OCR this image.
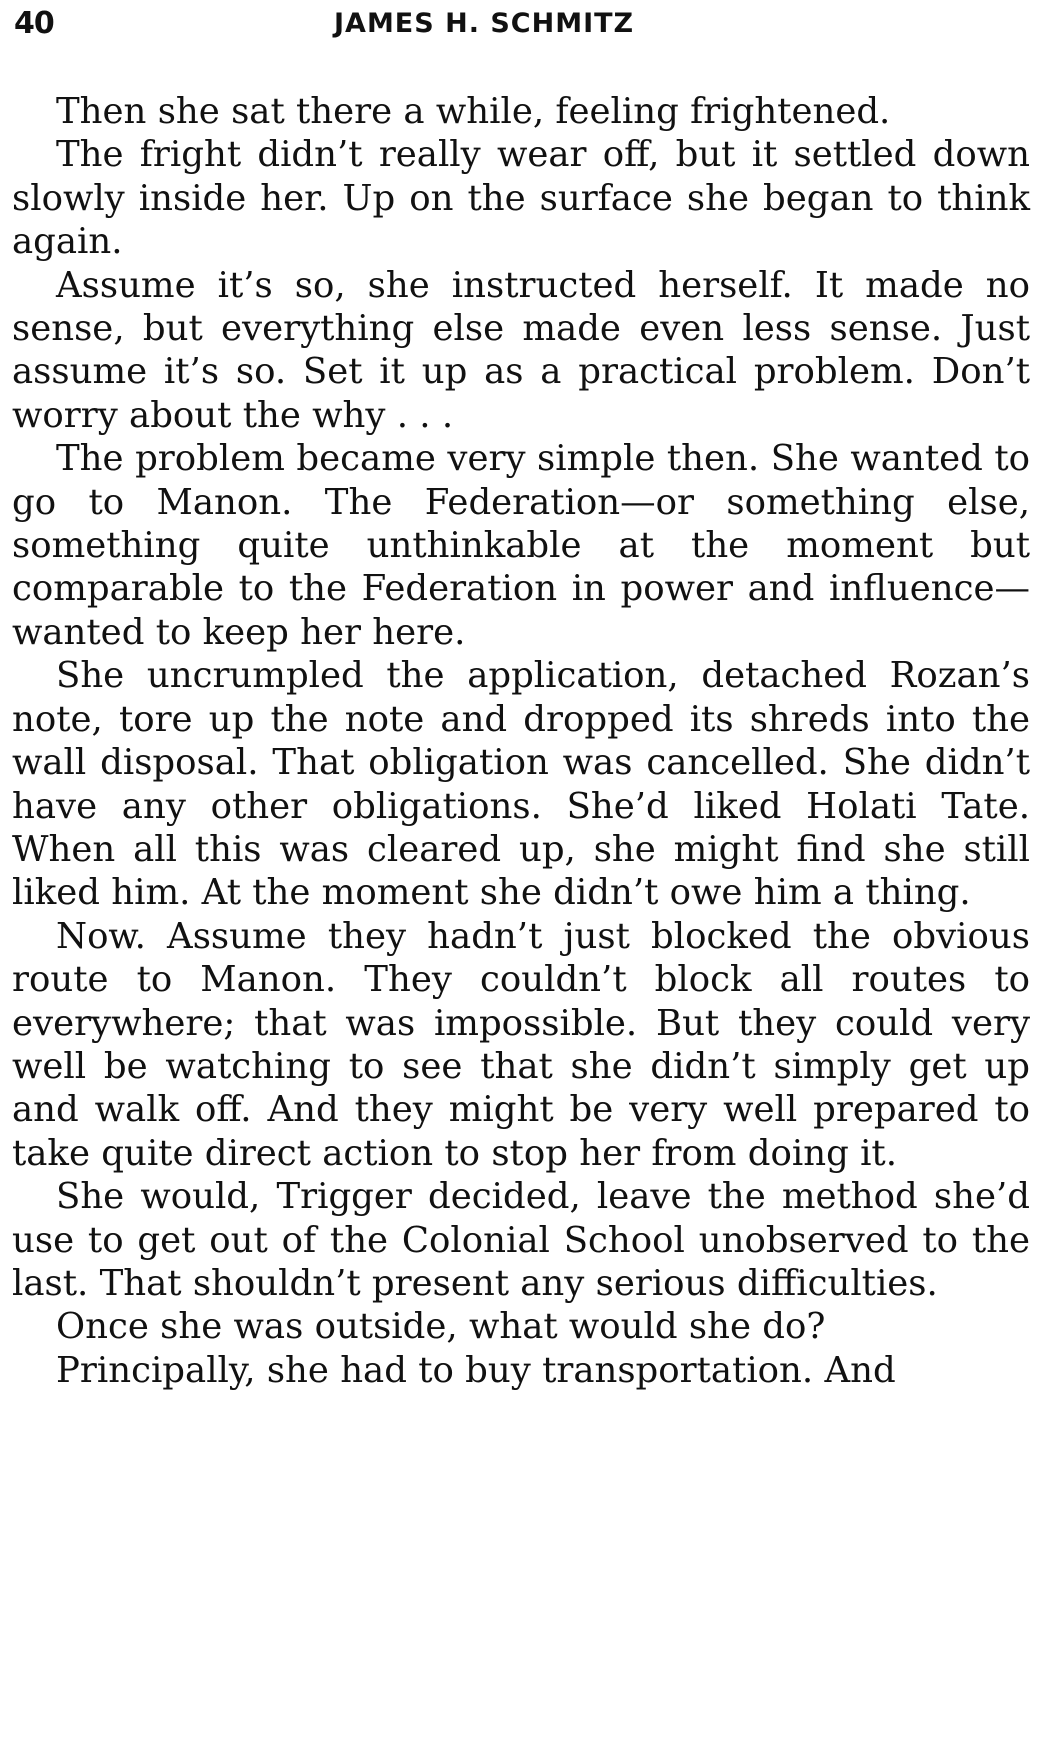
40	JAMES H. SCHMITZ

Then she sat there a while, feeling frightened.

The fright didn’t really wear off, but it settled down slowly inside her. Up on the surface she began to think again.

Assume it’s so, she instructed herself. It made no sense, but everything else made even less sense. Just assume it’s so. Set it up as a practical problem. Don’t worry about the why . . .

The problem became very simple then. She wanted to go to Manon. The Federation—or something else, something quite unthinkable at the moment but comparable to the Federation in power and influence—wanted to keep her here.

She uncrumpled the application, detached Rozan’s note, tore up the note and dropped its shreds into the wall disposal. That obligation was cancelled. She didn’t have any other obligations. She’d liked Holati Tate. When all this was cleared up, she might find she still liked him. At the moment she didn’t owe him a thing.

Now. Assume they hadn’t just blocked the obvious route to Manon. They couldn’t block all routes to everywhere; that was impossible. But they could very well be watching to see that she didn’t simply get up and walk off. And they might be very well prepared to take quite direct action to stop her from doing it.

She would, Trigger decided, leave the method she’d use to get out of the Colonial School unobserved to the last. That shouldn’t present any serious difficulties.

Once she was outside, what would she do?

Principally, she had to buy transportation. And
